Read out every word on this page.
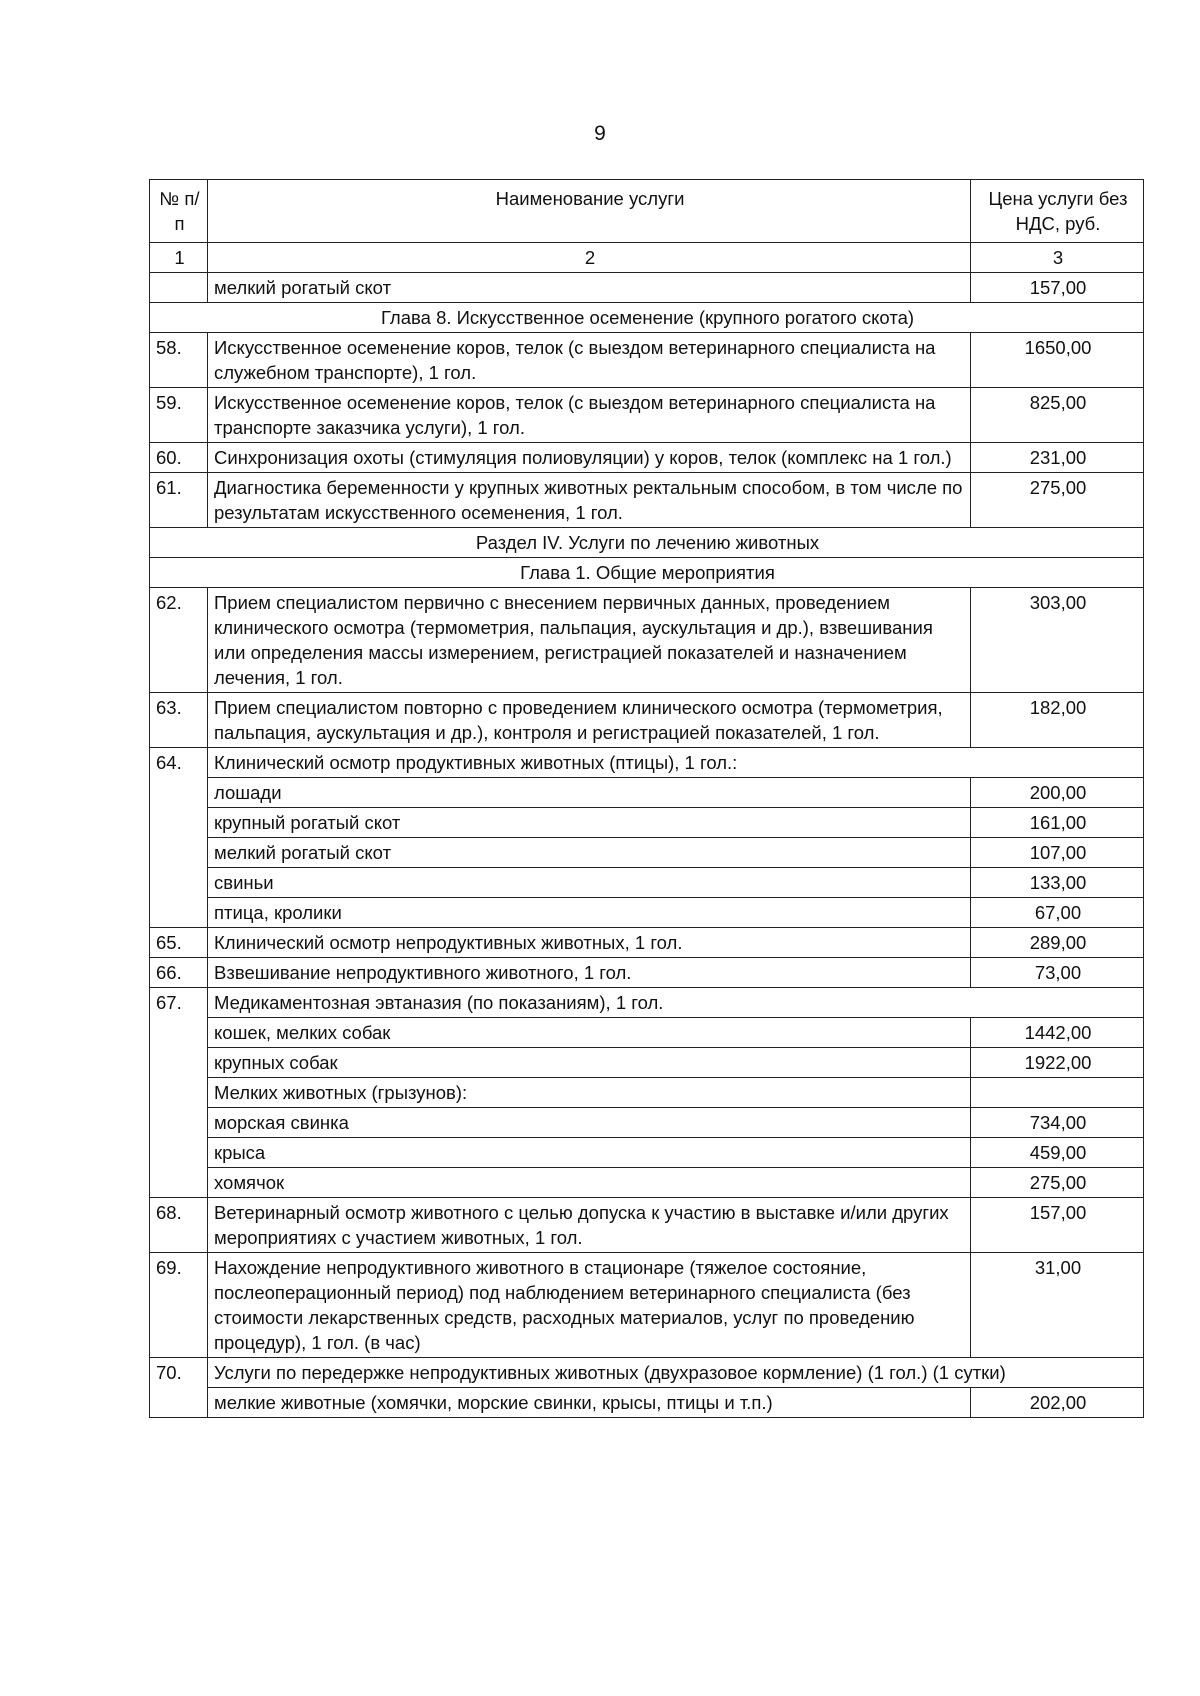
9
№ п/п	Наименование услуги	Цена услуги без НДС, руб.
1	2	3
	мелкий рогатый скот	157,00
Глава 8. Искусственное осеменение (крупного рогатого скота)		
58.	Искусственное осеменение коров, телок (с выездом ветеринарного специалиста на служебном транспорте), 1 гол.	1650,00
59.	Искусственное осеменение коров, телок (с выездом ветеринарного специалиста на транспорте заказчика услуги), 1 гол.	825,00
60.	Синхронизация охоты (стимуляция полиовуляции) у коров, телок (комплекс на 1 гол.)	231,00
61.	Диагностика беременности у крупных животных ректальным способом, в том числе по результатам искусственного осеменения, 1 гол.	275,00
Раздел IV. Услуги по лечению животных		
Глава 1. Общие мероприятия		
62.	Прием специалистом первично с внесением первичных данных, проведением клинического осмотра (термометрия, пальпация, аускультация и др.), взвешивания или определения массы измерением, регистрацией показателей и назначением лечения, 1 гол.	303,00
63.	Прием специалистом повторно с проведением клинического осмотра (термометрия, пальпация, аускультация и др.), контроля и регистрацией показателей, 1 гол.	182,00
64.	Клинический осмотр продуктивных животных (птицы), 1 гол.:	
	лошади	200,00
	крупный рогатый скот	161,00
	мелкий рогатый скот	107,00
	свиньи	133,00
	птица, кролики	67,00
65.	Клинический осмотр непродуктивных животных, 1 гол.	289,00
66.	Взвешивание непродуктивного животного, 1 гол.	73,00
67.	Медикаментозная эвтаназия (по показаниям), 1 гол.	
	кошек, мелких собак	1442,00
	крупных собак	1922,00
	Мелких животных (грызунов):	
	морская свинка	734,00
	крыса	459,00
	хомячок	275,00
68.	Ветеринарный осмотр животного с целью допуска к участию в выставке и/или других мероприятиях с участием животных, 1 гол.	157,00
69.	Нахождение непродуктивного животного в стационаре (тяжелое состояние, послеоперационный период) под наблюдением ветеринарного специалиста (без стоимости лекарственных средств, расходных материалов, услуг по проведению процедур), 1 гол. (в час)	31,00
70.	Услуги по передержке непродуктивных животных (двухразовое кормление) (1 гол.) (1 сутки)	
	мелкие животные (хомячки, морские свинки, крысы, птицы и т.п.)	202,00
